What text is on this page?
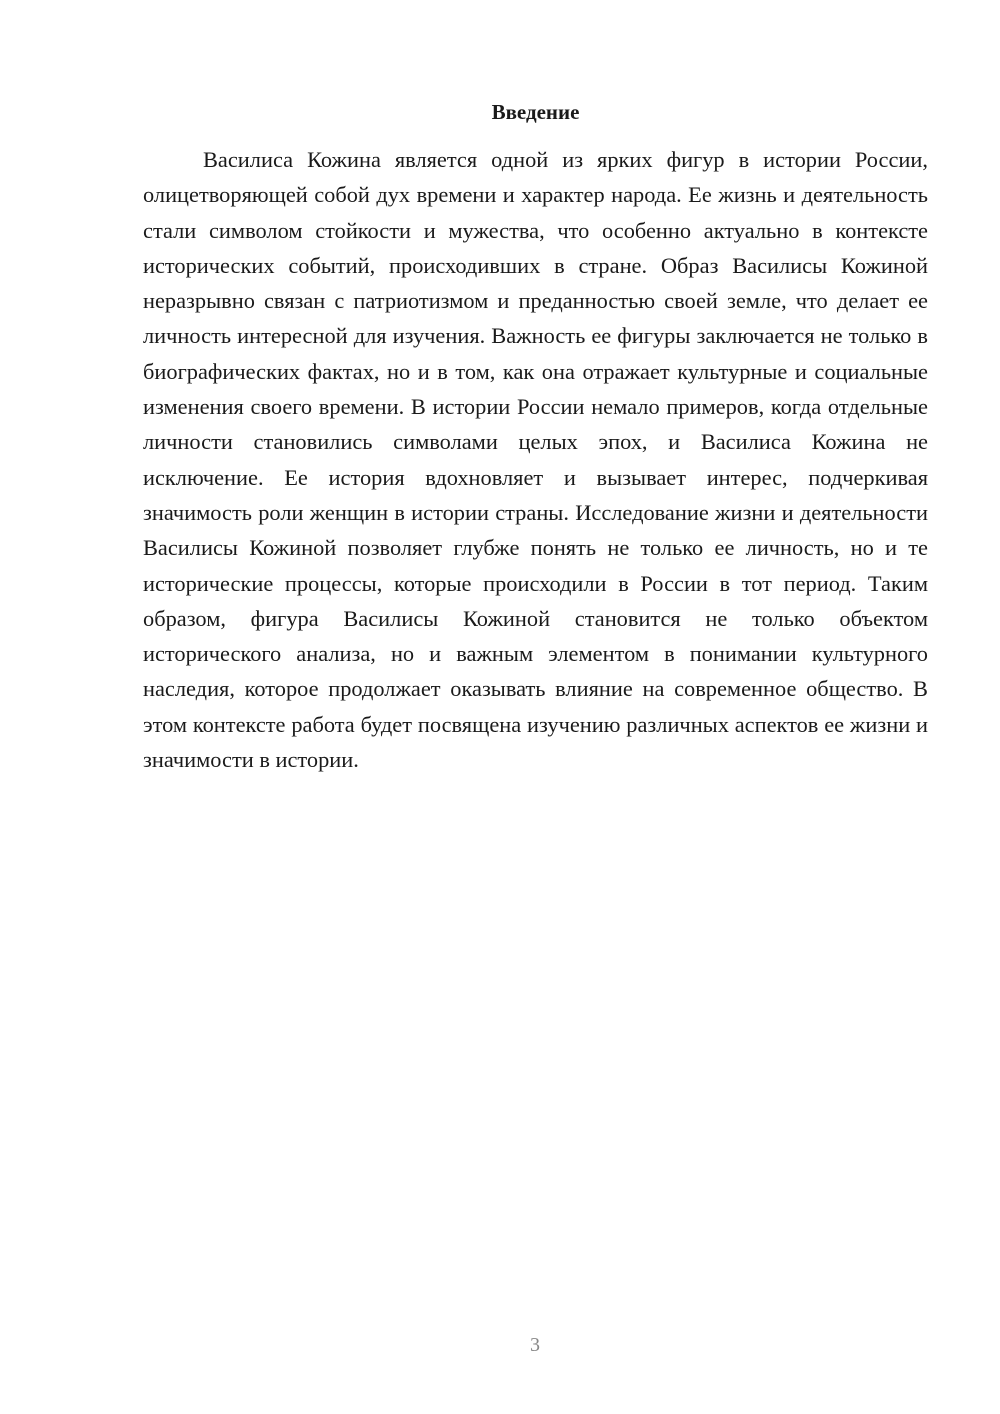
Введение

Василиса Кожина является одной из ярких фигур в истории России, олицетворяющей собой дух времени и характер народа. Ее жизнь и деятельность стали символом стойкости и мужества, что особенно актуально в контексте исторических событий, происходивших в стране. Образ Василисы Кожиной неразрывно связан с патриотизмом и преданностью своей земле, что делает ее личность интересной для изучения. Важность ее фигуры заключается не только в биографических фактах, но и в том, как она отражает культурные и социальные изменения своего времени. В истории России немало примеров, когда отдельные личности становились символами целых эпох, и Василиса Кожина не исключение. Ее история вдохновляет и вызывает интерес, подчеркивая значимость роли женщин в истории страны. Исследование жизни и деятельности Василисы Кожиной позволяет глубже понять не только ее личность, но и те исторические процессы, которые происходили в России в тот период. Таким образом, фигура Василисы Кожиной становится не только объектом исторического анализа, но и важным элементом в понимании культурного наследия, которое продолжает оказывать влияние на современное общество. В этом контексте работа будет посвящена изучению различных аспектов ее жизни и значимости в истории.

3
